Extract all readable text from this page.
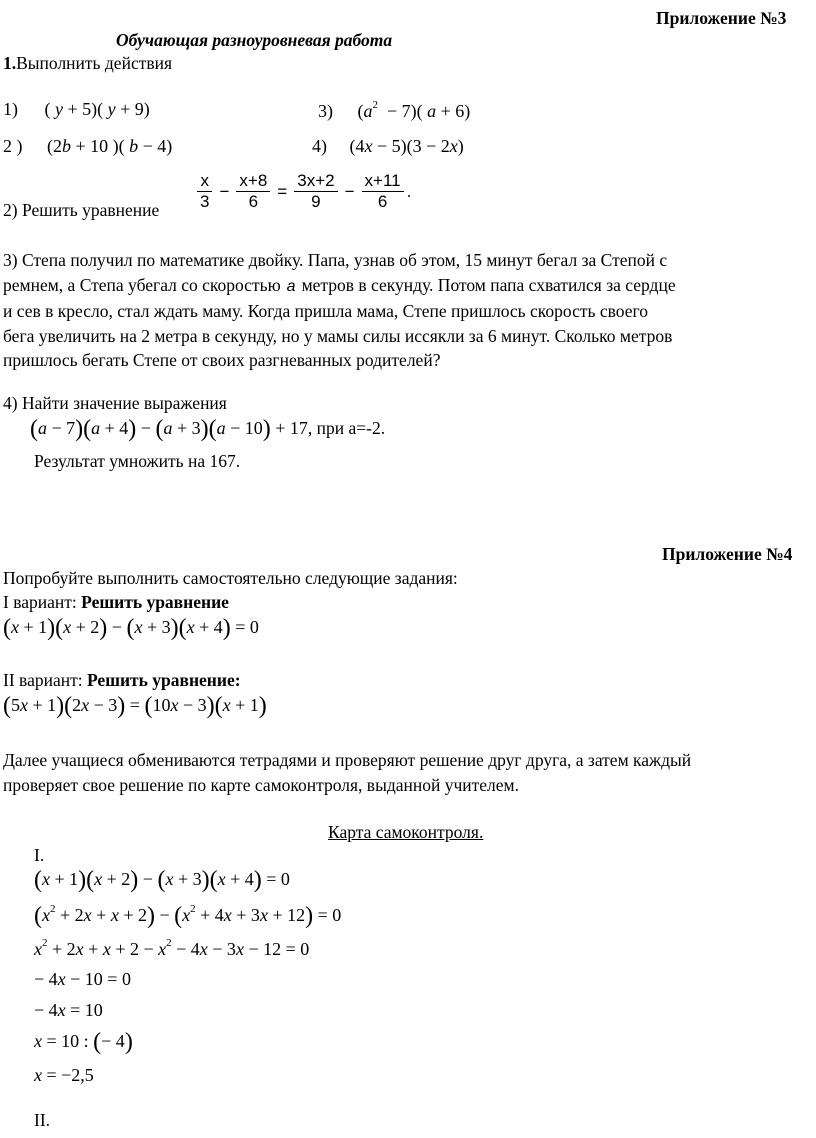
Приложение №3
Обучающая разноуровневая работа
1.Выполнить действия
1) ( y + 5)( y + 9)	3) $(a^2 - 7)$( a + 6)
2 ) (2b + 10 )( b − 4)	4) (4x − 5)(3 − 2x)
2) Решить уравнение $\frac{x}{3} - \frac{x+8}{6} = \frac{3x+2}{9} - \frac{x+11}{6}$ .
3) Степа получил по математике двойку. Папа, узнав об этом, 15 минут бегал за Степой с
ремнем, а Степа убегал со скоростью a метров в секунду. Потом папа схватился за сердце
и сев в кресло, стал ждать маму. Когда пришла мама, Степе пришлось скорость своего
бега увеличить на 2 метра в секунду, но у мамы силы иссякли за 6 минут. Сколько метров
пришлось бегать Степе от своих разгневанных родителей?
4) Найти значение выражения
(a − 7)(a + 4) − (a + 3)(a − 10) + 17, при а=-2.
Результат умножить на 167.
Приложение №4
Попробуйте выполнить самостоятельно следующие задания:
I вариант: Решить уравнение
(x + 1)(x + 2) − (x + 3)(x + 4) = 0
II вариант: Решить уравнение:
(5x + 1)(2x − 3) = (10x − 3)(x + 1)
Далее учащиеся обмениваются тетрадями и проверяют решение друг друга, а затем каждый
проверяет свое решение по карте самоконтроля, выданной учителем.
Карта самоконтроля.
I.
(x + 1)(x + 2) − (x + 3)(x + 4) = 0
$(x^2 + 2x + x + 2) - (x^2 + 4x + 3x + 12) = 0$
$x^2 + 2x + x + 2 - x^2 - 4x - 3x - 12 = 0$
− 4x − 10 = 0
− 4x = 10
x = 10 : (− 4)
x = −2,5
II.
